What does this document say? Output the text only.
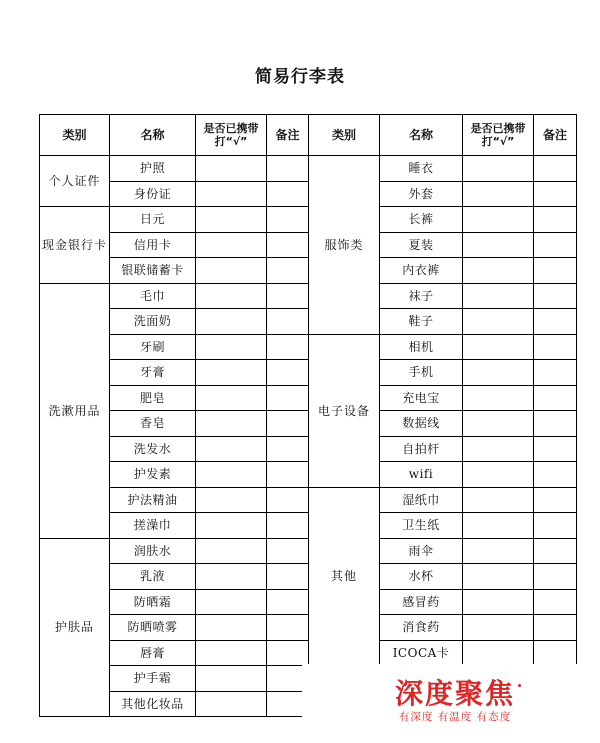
简易行李表
类别	名称	是否已携带打“√”	备注	类别	名称	是否已携带打“√”	备注
个人证件	护照			服饰类	睡衣		
	身份证				外套		
现金银行卡	日元				长裤		
	信用卡				夏装		
	银联储蓄卡				内衣裤		
洗漱用品	毛巾				袜子		
	洗面奶				鞋子		
	牙刷			电子设备	相机		
	牙膏				手机		
	肥皂				充电宝		
	香皂				数据线		
	洗发水				自拍杆		
	护发素				wifi		
	护法精油			其他	湿纸巾		
	搓澡巾				卫生纸		
护肤品	润肤水				雨伞		
	乳液				水杯		
	防晒霜				感冒药		
	防晒喷雾				消食药		
	唇膏				ICOCA卡		
	护手霜						
	其他化妆品							深度聚焦
有深度 有温度 有态度
